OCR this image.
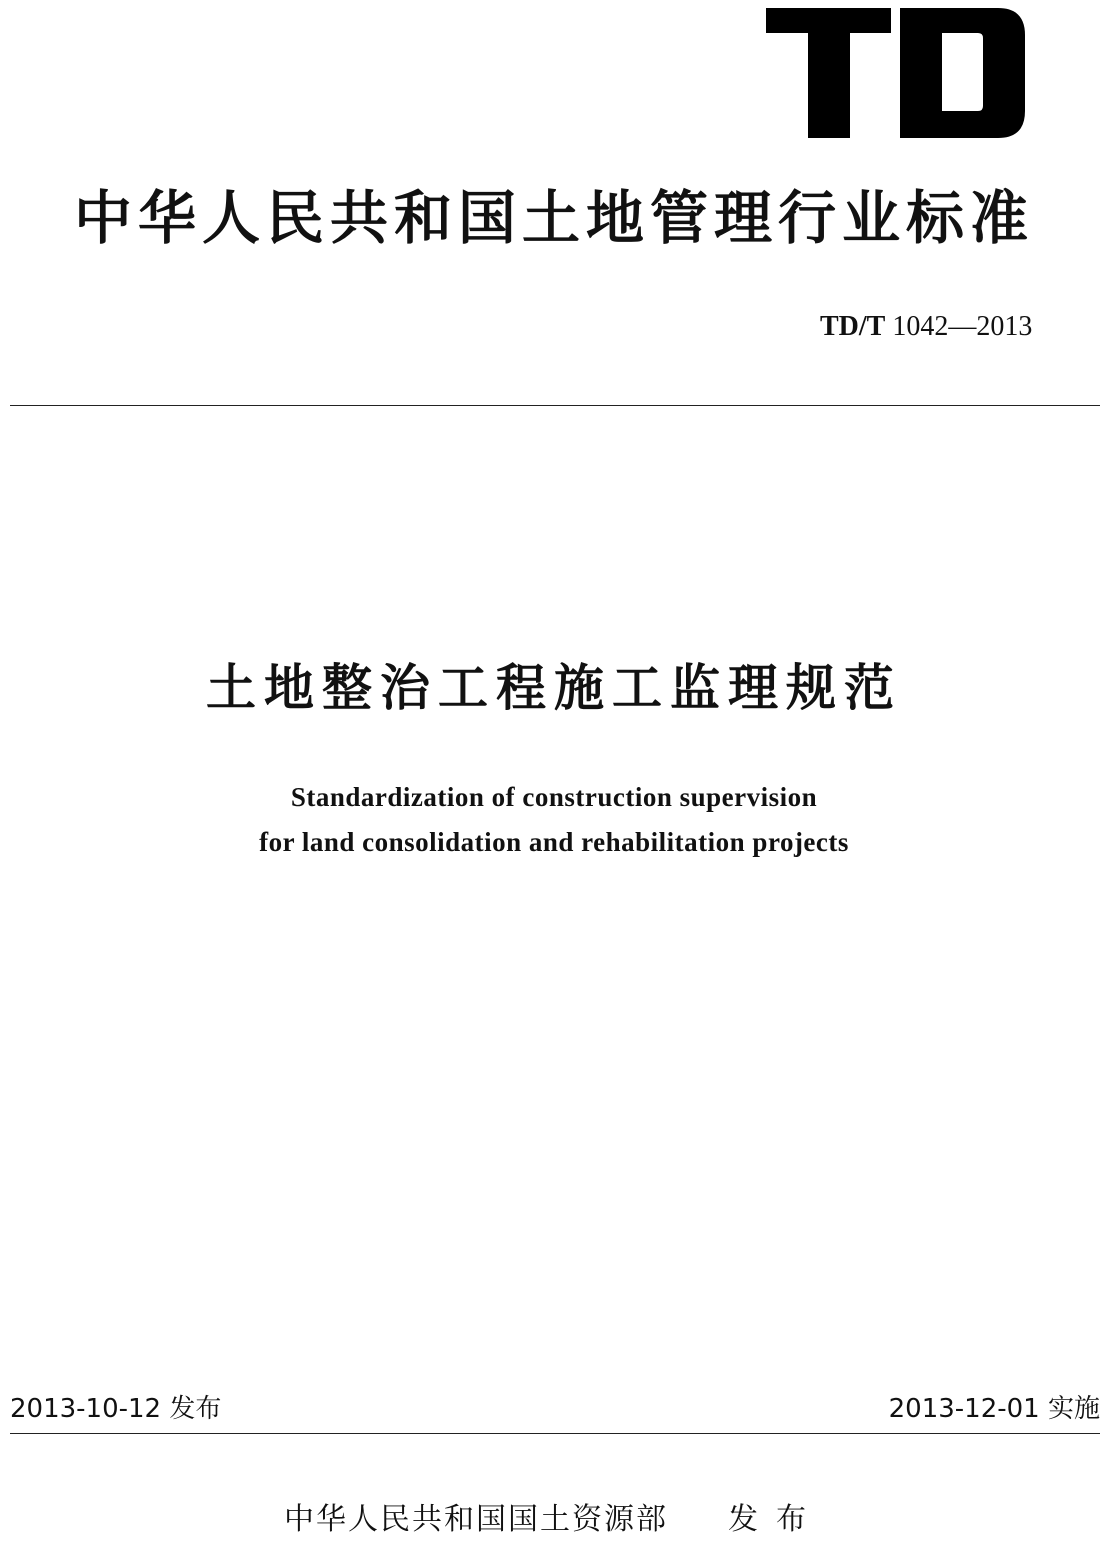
中华人民共和国土地管理行业标准
TD/T 1042—2013
土地整治工程施工监理规范
Standardization of construction supervision
for land consolidation and rehabilitation projects
2013-10-12 发布	2013-12-01 实施
中华人民共和国国土资源部 发布
